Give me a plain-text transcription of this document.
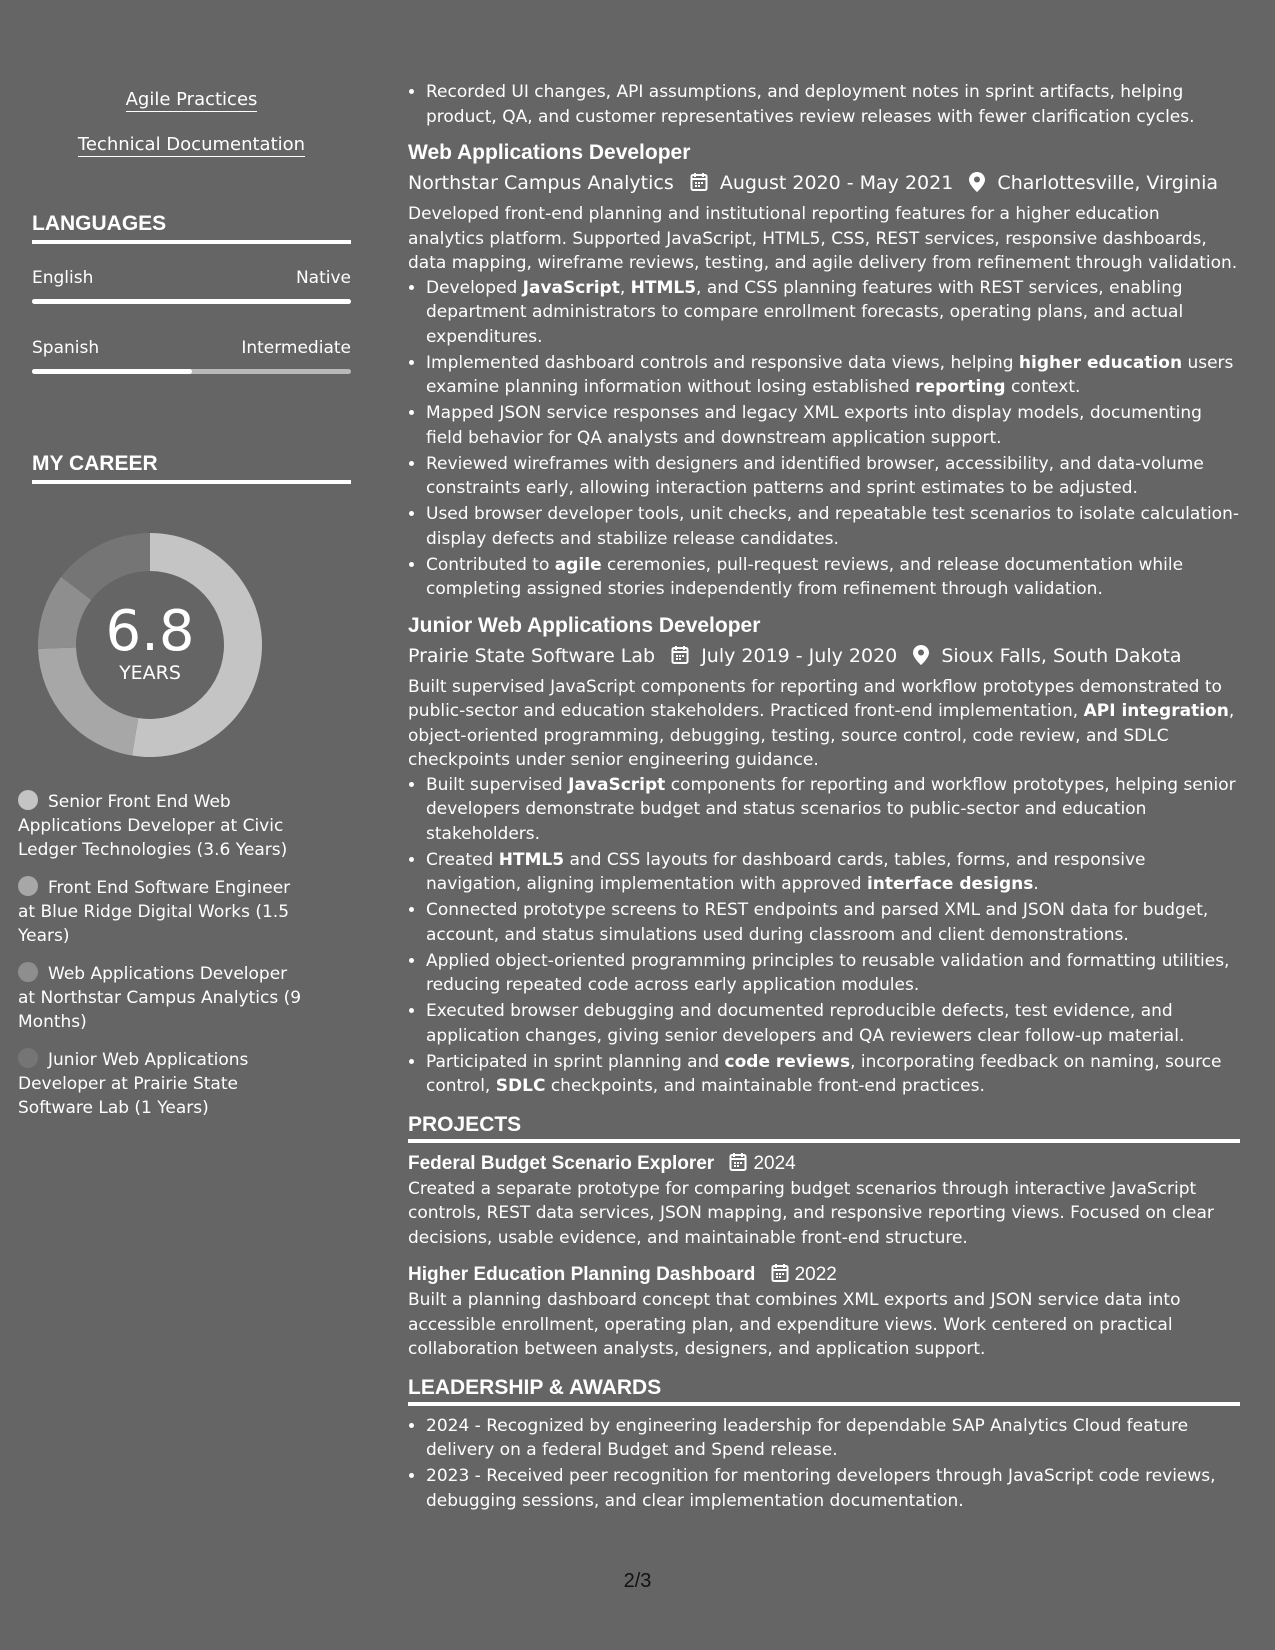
Agile Practices
Technical Documentation
LANGUAGES
English	Native
Spanish	Intermediate
MY CAREER
6.8
YEARS
Senior Front End Web Applications Developer at Civic Ledger Technologies (3.6 Years)
Front End Software Engineer at Blue Ridge Digital Works (1.5 Years)
Web Applications Developer at Northstar Campus Analytics (9 Months)
Junior Web Applications Developer at Prairie State Software Lab (1 Years)
• Recorded UI changes, API assumptions, and deployment notes in sprint artifacts, helping product, QA, and customer representatives review releases with fewer clarification cycles.
Web Applications Developer
Northstar Campus Analytics August 2020 - May 2021 Charlottesville, Virginia

Developed front-end planning and institutional reporting features for a higher education analytics platform. Supported JavaScript, HTML5, CSS, REST services, responsive dashboards, data mapping, wireframe reviews, testing, and agile delivery from refinement through validation.

• Developed JavaScript, HTML5, and CSS planning features with REST services, enabling department administrators to compare enrollment forecasts, operating plans, and actual expenditures.
• Implemented dashboard controls and responsive data views, helping higher education users examine planning information without losing established reporting context.
• Mapped JSON service responses and legacy XML exports into display models, documenting field behavior for QA analysts and downstream application support.
• Reviewed wireframes with designers and identified browser, accessibility, and data-volume constraints early, allowing interaction patterns and sprint estimates to be adjusted.
• Used browser developer tools, unit checks, and repeatable test scenarios to isolate calculation-display defects and stabilize release candidates.
• Contributed to agile ceremonies, pull-request reviews, and release documentation while completing assigned stories independently from refinement through validation.
Junior Web Applications Developer
Prairie State Software Lab July 2019 - July 2020 Sioux Falls, South Dakota

Built supervised JavaScript components for reporting and workflow prototypes demonstrated to public-sector and education stakeholders. Practiced front-end implementation, API integration, object-oriented programming, debugging, testing, source control, code review, and SDLC checkpoints under senior engineering guidance.

• Built supervised JavaScript components for reporting and workflow prototypes, helping senior developers demonstrate budget and status scenarios to public-sector and education stakeholders.
• Created HTML5 and CSS layouts for dashboard cards, tables, forms, and responsive navigation, aligning implementation with approved interface designs.
• Connected prototype screens to REST endpoints and parsed XML and JSON data for budget, account, and status simulations used during classroom and client demonstrations.
• Applied object-oriented programming principles to reusable validation and formatting utilities, reducing repeated code across early application modules.
• Executed browser debugging and documented reproducible defects, test evidence, and application changes, giving senior developers and QA reviewers clear follow-up material.
• Participated in sprint planning and code reviews, incorporating feedback on naming, source control, SDLC checkpoints, and maintainable front-end practices.
PROJECTS
Federal Budget Scenario Explorer 2024

Created a separate prototype for comparing budget scenarios through interactive JavaScript controls, REST data services, JSON mapping, and responsive reporting views. Focused on clear decisions, usable evidence, and maintainable front-end structure.

Higher Education Planning Dashboard 2022

Built a planning dashboard concept that combines XML exports and JSON service data into accessible enrollment, operating plan, and expenditure views. Work centered on practical collaboration between analysts, designers, and application support.

LEADERSHIP & AWARDS
• 2024 - Recognized by engineering leadership for dependable SAP Analytics Cloud feature delivery on a federal Budget and Spend release.
• 2023 - Received peer recognition for mentoring developers through JavaScript code reviews, debugging sessions, and clear implementation documentation.
2/3
